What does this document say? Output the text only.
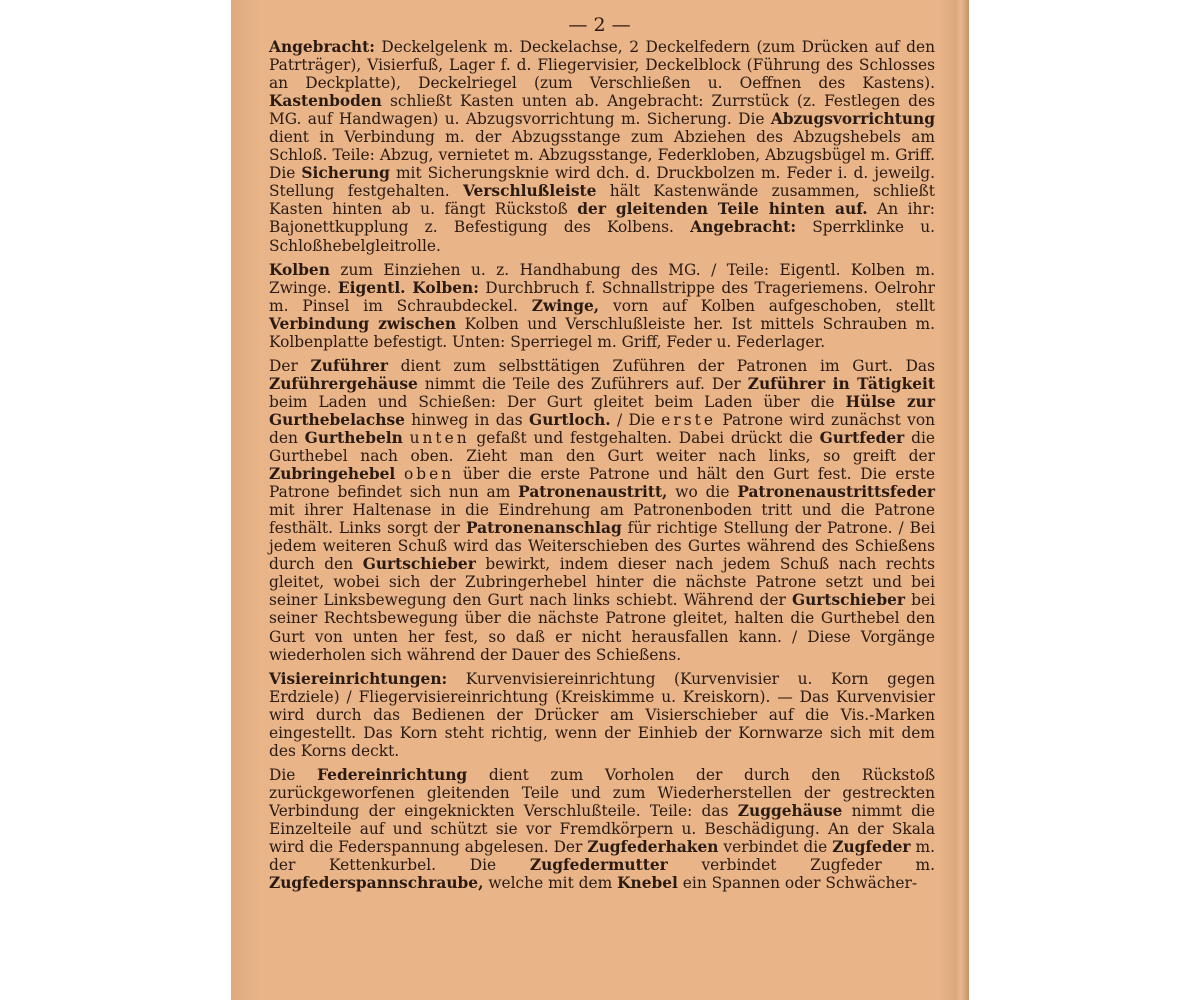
— 2 —

Angebracht: Deckelgelenk m. Deckelachse, 2 Deckelfedern (zum Drücken auf den Patrträger), Visierfuß, Lager f. d. Fliegervisier, Deckelblock (Führung des Schlosses an Deckplatte), Deckelriegel (zum Verschließen u. Oeffnen des Kastens). Kastenboden schließt Kasten unten ab. Angebracht: Zurrstück (z. Festlegen des MG. auf Handwagen) u. Abzugsvorrichtung m. Sicherung. Die Abzugsvorrichtung dient in Verbindung m. der Abzugsstange zum Abziehen des Abzugshebels am Schloß. Teile: Abzug, vernietet m. Abzugsstange, Federkloben, Abzugsbügel m. Griff. Die Sicherung mit Sicherungsknie wird dch. d. Druckbolzen m. Feder i. d. jeweilg. Stellung festgehalten. Verschlußleiste hält Kastenwände zusammen, schließt Kasten hinten ab u. fängt Rückstoß der gleitenden Teile hinten auf. An ihr: Bajonettkupplung z. Befestigung des Kolbens. Angebracht: Sperrklinke u. Schloßhebelgleitrolle.

Kolben zum Einziehen u. z. Handhabung des MG. / Teile: Eigentl. Kolben m. Zwinge. Eigentl. Kolben: Durchbruch f. Schnallstrippe des Trageriemens. Oelrohr m. Pinsel im Schraubdeckel. Zwinge, vorn auf Kolben aufgeschoben, stellt Verbindung zwischen Kolben und Verschlußleiste her. Ist mittels Schrauben m. Kolbenplatte befestigt. Unten: Sperriegel m. Griff, Feder u. Federlager.

Der Zuführer dient zum selbsttätigen Zuführen der Patronen im Gurt. Das Zuführergehäuse nimmt die Teile des Zuführers auf. Der Zuführer in Tätigkeit beim Laden und Schießen: Der Gurt gleitet beim Laden über die Hülse zur Gurthebelachse hinweg in das Gurtloch. / Die erste Patrone wird zunächst von den Gurthebeln unten gefaßt und festgehalten. Dabei drückt die Gurtfeder die Gurthebel nach oben. Zieht man den Gurt weiter nach links, so greift der Zubringehebel oben über die erste Patrone und hält den Gurt fest. Die erste Patrone befindet sich nun am Patronenaustritt, wo die Patronenaustrittsfeder mit ihrer Haltenase in die Eindrehung am Patronenboden tritt und die Patrone festhält. Links sorgt der Patronenanschlag für richtige Stellung der Patrone. / Bei jedem weiteren Schuß wird das Weiterschieben des Gurtes während des Schießens durch den Gurtschieber bewirkt, indem dieser nach jedem Schuß nach rechts gleitet, wobei sich der Zubringerhebel hinter die nächste Patrone setzt und bei seiner Linksbewegung den Gurt nach links schiebt. Während der Gurtschieber bei seiner Rechtsbewegung über die nächste Patrone gleitet, halten die Gurthebel den Gurt von unten her fest, so daß er nicht herausfallen kann. / Diese Vorgänge wiederholen sich während der Dauer des Schießens.

Visiereinrichtungen: Kurvenvisiereinrichtung (Kurvenvisier u. Korn gegen Erdziele) / Fliegervisiereinrichtung (Kreiskimme u. Kreiskorn). — Das Kurvenvisier wird durch das Bedienen der Drücker am Visierschieber auf die Vis.-Marken eingestellt. Das Korn steht richtig, wenn der Einhieb der Kornwarze sich mit dem des Korns deckt.

Die Federeinrichtung dient zum Vorholen der durch den Rückstoß zurückgeworfenen gleitenden Teile und zum Wiederherstellen der gestreckten Verbindung der eingeknickten Verschlußteile. Teile: das Zuggehäuse nimmt die Einzelteile auf und schützt sie vor Fremdkörpern u. Beschädigung. An der Skala wird die Federspannung abgelesen. Der Zugfederhaken verbindet die Zugfeder m. der Kettenkurbel. Die Zugfedermutter verbindet Zugfeder m. Zugfederspannschraube, welche mit dem Knebel ein Spannen oder Schwächer-
